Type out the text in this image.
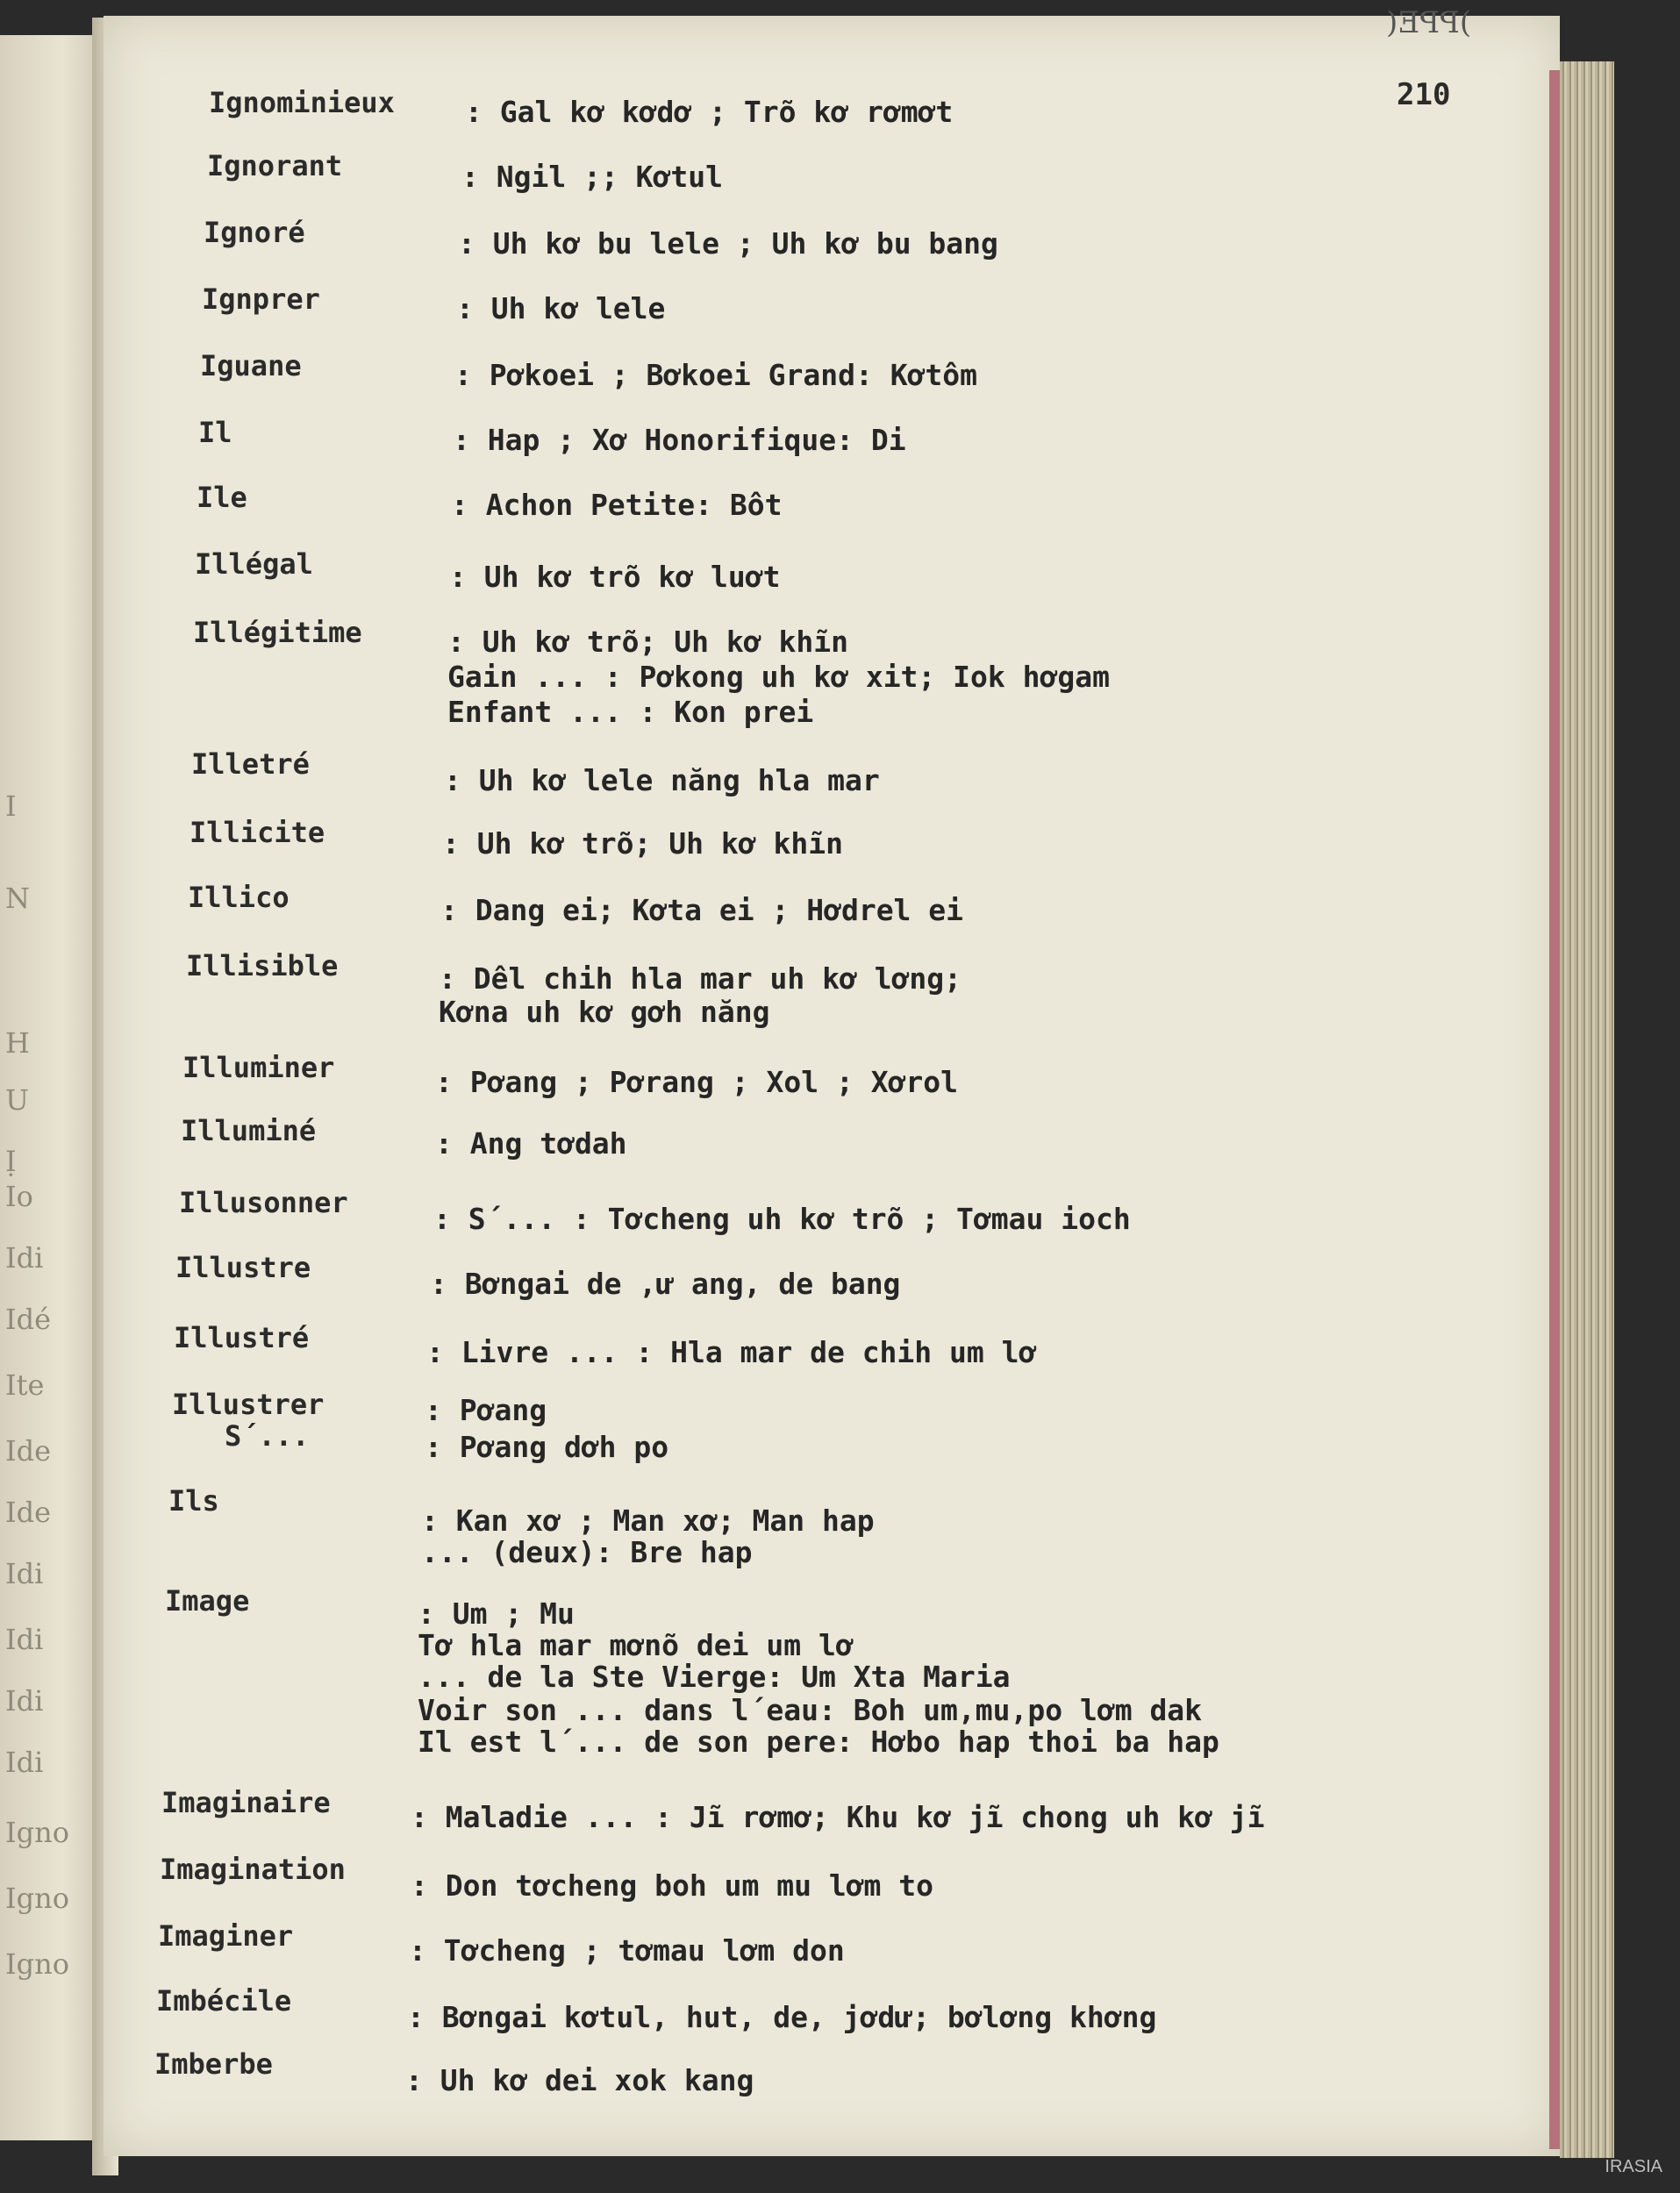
I
N
H
U
Ị
Io
Idi
Idé
Ite
Ide
Ide
Idi
Idi
Idi
Idi
Igno
Igno
Igno
)PPE(
210
Ignominieux : Gal kơ kơdơ ; Trõ kơ rơmơt
Ignorant	: Ngil ;; Kơtul
Ignoré	: Uh kơ bu lele ; Uh kơ bu bang
Ignprer	: Uh kơ lele
Iguane	: Pơkoei ; Bơkoei Grand: Kơtôm
Il	: Hap ; Xơ Honorifique: Di
Ile	: Achon Petite: Bôt
Illégal	: Uh kơ trõ kơ luơt
Illégitime	: Uh kơ trõ; Uh kơ khĩn
Gain ... : Pơkong uh kơ xit; Iok hơgam
Enfant ... : Kon prei
Illetré	: Uh kơ lele năng hla mar
Illicite	: Uh kơ trõ; Uh kơ khĩn
Illico	: Dang ei; Kơta ei ; Hơdrel ei
Illisible	: Dêl chih hla mar uh kơ lơng;
Kơna uh kơ gơh năng
Illuminer	: Pơang ; Pơrang ; Xol ; Xơrol
Illuminé	: Ang tơdah
Illusonner	: S´... : Tơcheng uh kơ trõ ; Tơmau ioch
Illustre	: Bơngai de ,ư ang, de bang
Illustré	: Livre ... : Hla mar de chih um lơ
Illustrer	: Pơang
S´...	: Pơang dơh po
Ils
: Kan xơ ; Man xơ; Man hap
... (deux): Bre hap
Image	: Um ; Mu
Tơ hla mar mơnõ dei um lơ
... de la Ste Vierge: Um Xta Maria
Voir son ... dans l´eau: Boh um,mu,po lơm dak
Il est l´... de son pere: Hơbo hap thoi ba hap
Imaginaire	: Maladie ... : Jĩ rơmơ; Khu kơ jĩ chong uh kơ jĩ
Imagination : Don tơcheng boh um mu lơm to
Imaginer	: Tơcheng ; tơmau lơm don
Imbécile	: Bơngai kơtul, hut, de, jơdư; bơlơng khơng
Imberbe	: Uh kơ dei xok kang
IRASIA
